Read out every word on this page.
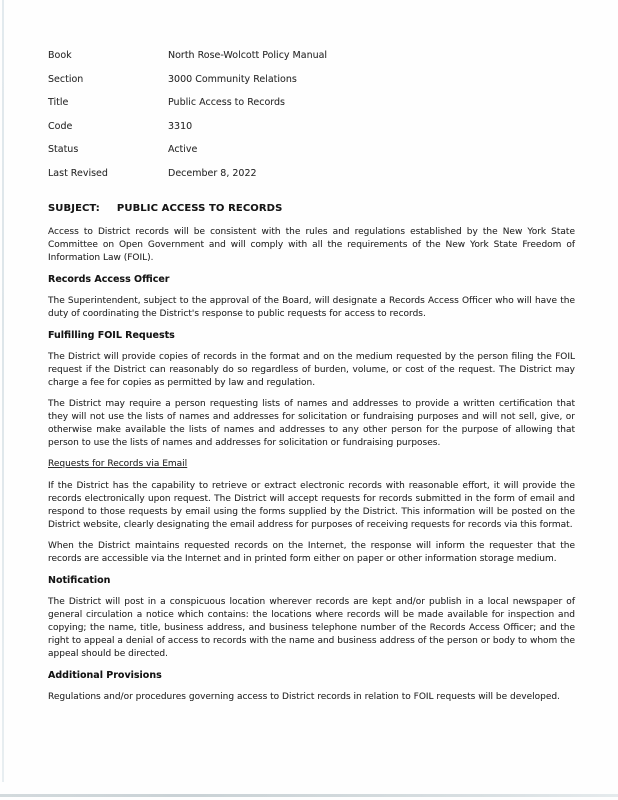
Book	North Rose-Wolcott Policy Manual
Section	3000 Community Relations
Title	Public Access to Records
Code	3310
Status	Active
Last Revised	December 8, 2022
SUBJECT: PUBLIC ACCESS TO RECORDS

Access to District records will be consistent with the rules and regulations established by the New York State Committee on Open Government and will comply with all the requirements of the New York State Freedom of Information Law (FOIL).

Records Access Officer

The Superintendent, subject to the approval of the Board, will designate a Records Access Officer who will have the duty of coordinating the District's response to public requests for access to records.

Fulfilling FOIL Requests

The District will provide copies of records in the format and on the medium requested by the person filing the FOIL request if the District can reasonably do so regardless of burden, volume, or cost of the request. The District may charge a fee for copies as permitted by law and regulation.

The District may require a person requesting lists of names and addresses to provide a written certification that they will not use the lists of names and addresses for solicitation or fundraising purposes and will not sell, give, or otherwise make available the lists of names and addresses to any other person for the purpose of allowing that person to use the lists of names and addresses for solicitation or fundraising purposes.

Requests for Records via Email

If the District has the capability to retrieve or extract electronic records with reasonable effort, it will provide the records electronically upon request. The District will accept requests for records submitted in the form of email and respond to those requests by email using the forms supplied by the District. This information will be posted on the District website, clearly designating the email address for purposes of receiving requests for records via this format.

When the District maintains requested records on the Internet, the response will inform the requester that the records are accessible via the Internet and in printed form either on paper or other information storage medium.

Notification

The District will post in a conspicuous location wherever records are kept and/or publish in a local newspaper of general circulation a notice which contains: the locations where records will be made available for inspection and copying; the name, title, business address, and business telephone number of the Records Access Officer; and the right to appeal a denial of access to records with the name and business address of the person or body to whom the appeal should be directed.

Additional Provisions

Regulations and/or procedures governing access to District records in relation to FOIL requests will be developed.
